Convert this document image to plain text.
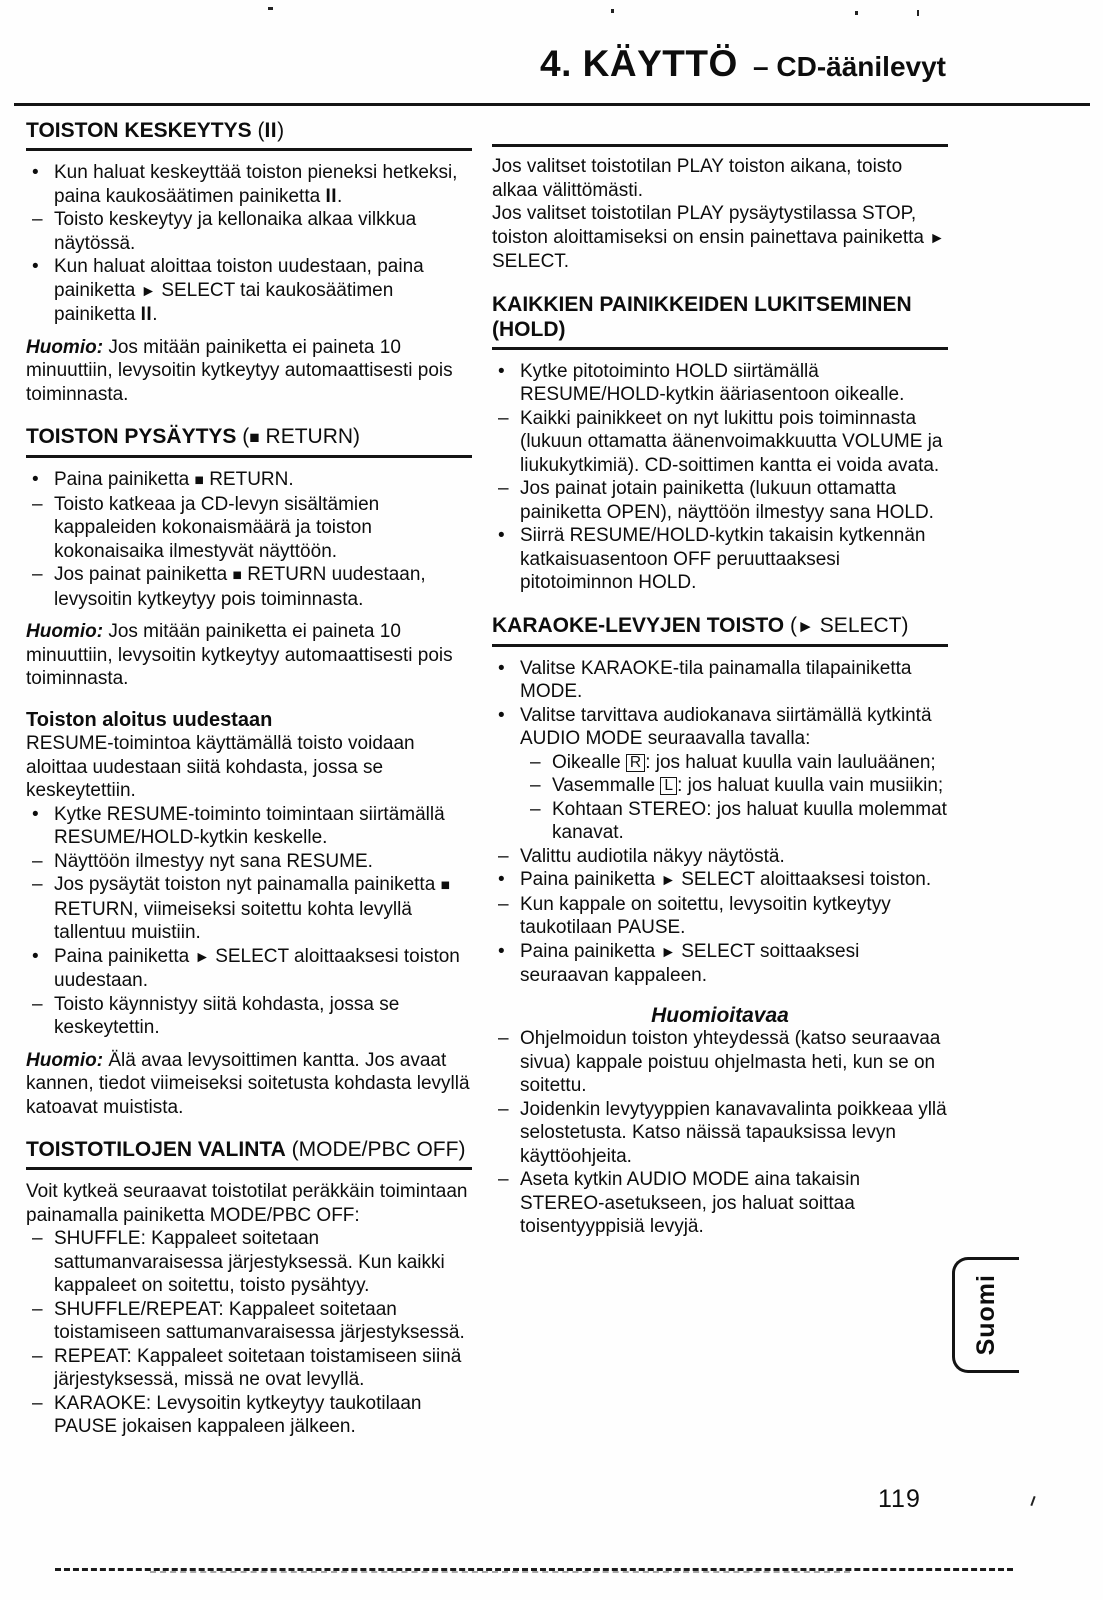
4. KÄYTTÖ – CD-äänilevyt
TOISTON KESKEYTYS (II)
• Kun haluat keskeyttää toiston pieneksi hetkeksi, paina kaukosäätimen painiketta II.
– Toisto keskeytyy ja kellonaika alkaa vilkkua näytössä.
• Kun haluat aloittaa toiston uudestaan, paina painiketta ► SELECT tai kaukosäätimen painiketta II.
Huomio: Jos mitään painiketta ei paineta 10 minuuttiin, levysoitin kytkeytyy automaattisesti pois toiminnasta.
TOISTON PYSÄYTYS (■ RETURN)
• Paina painiketta ■ RETURN.
– Toisto katkeaa ja CD-levyn sisältämien kappaleiden kokonaismäärä ja toiston kokonaisaika ilmestyvät näyttöön.
– Jos painat painiketta ■ RETURN uudestaan, levysoitin kytkeytyy pois toiminnasta.
Huomio: Jos mitään painiketta ei paineta 10 minuuttiin, levysoitin kytkeytyy automaattisesti pois toiminnasta.
Toiston aloitus uudestaan

RESUME-toimintoa käyttämällä toisto voidaan aloittaa uudestaan siitä kohdasta, jossa se keskeytettiin.

• Kytke RESUME-toiminto toimintaan siirtämällä RESUME/HOLD-kytkin keskelle.
– Näyttöön ilmestyy nyt sana RESUME.
– Jos pysäytät toiston nyt painamalla painiketta ■ RETURN, viimeiseksi soitettu kohta levyllä tallentuu muistiin.
• Paina painiketta ► SELECT aloittaaksesi toiston uudestaan.
– Toisto käynnistyy siitä kohdasta, jossa se keskeytettin.
Huomio: Älä avaa levysoittimen kantta. Jos avaat kannen, tiedot viimeiseksi soitetusta kohdasta levyllä katoavat muistista.
TOISTOTILOJEN VALINTA (MODE/PBC OFF)

Voit kytkeä seuraavat toistotilat peräkkäin toimintaan painamalla painiketta MODE/PBC OFF:

– SHUFFLE: Kappaleet soitetaan sattumanvaraisessa järjestyksessä. Kun kaikki kappaleet on soitettu, toisto pysähtyy.
– SHUFFLE/REPEAT: Kappaleet soitetaan toistamiseen sattumanvaraisessa järjestyksessä.
– REPEAT: Kappaleet soitetaan toistamiseen siinä järjestyksessä, missä ne ovat levyllä.
– KARAOKE: Levysoitin kytkeytyy taukotilaan PAUSE jokaisen kappaleen jälkeen.

Jos valitset toistotilan PLAY toiston aikana, toisto alkaa välittömästi.

Jos valitset toistotilan PLAY pysäytystilassa STOP, toiston aloittamiseksi on ensin painettava painiketta ► SELECT.

KAIKKIEN PAINIKKEIDEN LUKITSEMINEN (HOLD)
• Kytke pitotoiminto HOLD siirtämällä RESUME/HOLD-kytkin ääriasentoon oikealle.
– Kaikki painikkeet on nyt lukittu pois toiminnasta (lukuun ottamatta äänenvoimakkuutta VOLUME ja liukukytkimiä). CD-soittimen kantta ei voida avata.
– Jos painat jotain painiketta (lukuun ottamatta painiketta OPEN), näyttöön ilmestyy sana HOLD.
• Siirrä RESUME/HOLD-kytkin takaisin kytkennän katkaisuasentoon OFF peruuttaaksesi pitotoiminnon HOLD.
KARAOKE-LEVYJEN TOISTO (► SELECT)
• Valitse KARAOKE-tila painamalla tilapainiketta MODE.
• Valitse tarvittava audiokanava siirtämällä kytkintä AUDIO MODE seuraavalla tavalla:
– Oikealle R : jos haluat kuulla vain lauluäänen;
– Vasemmalle L : jos haluat kuulla vain musiikin;
– Kohtaan STEREO: jos haluat kuulla molemmat kanavat.
– Valittu audiotila näkyy näytöstä.
• Paina painiketta ► SELECT aloittaaksesi toiston.
– Kun kappale on soitettu, levysoitin kytkeytyy taukotilaan PAUSE.
• Paina painiketta ► SELECT soittaaksesi seuraavan kappaleen.
Huomioitavaa
– Ohjelmoidun toiston yhteydessä (katso seuraavaa sivua) kappale poistuu ohjelmasta heti, kun se on soitettu.
– Joidenkin levytyyppien kanavavalinta poikkeaa yllä selostetusta. Katso näissä tapauksissa levyn käyttöohjeita.
– Aseta kytkin AUDIO MODE aina takaisin STEREO-asetukseen, jos haluat soittaa toisentyyppisiä levyjä.
Suomi
119
